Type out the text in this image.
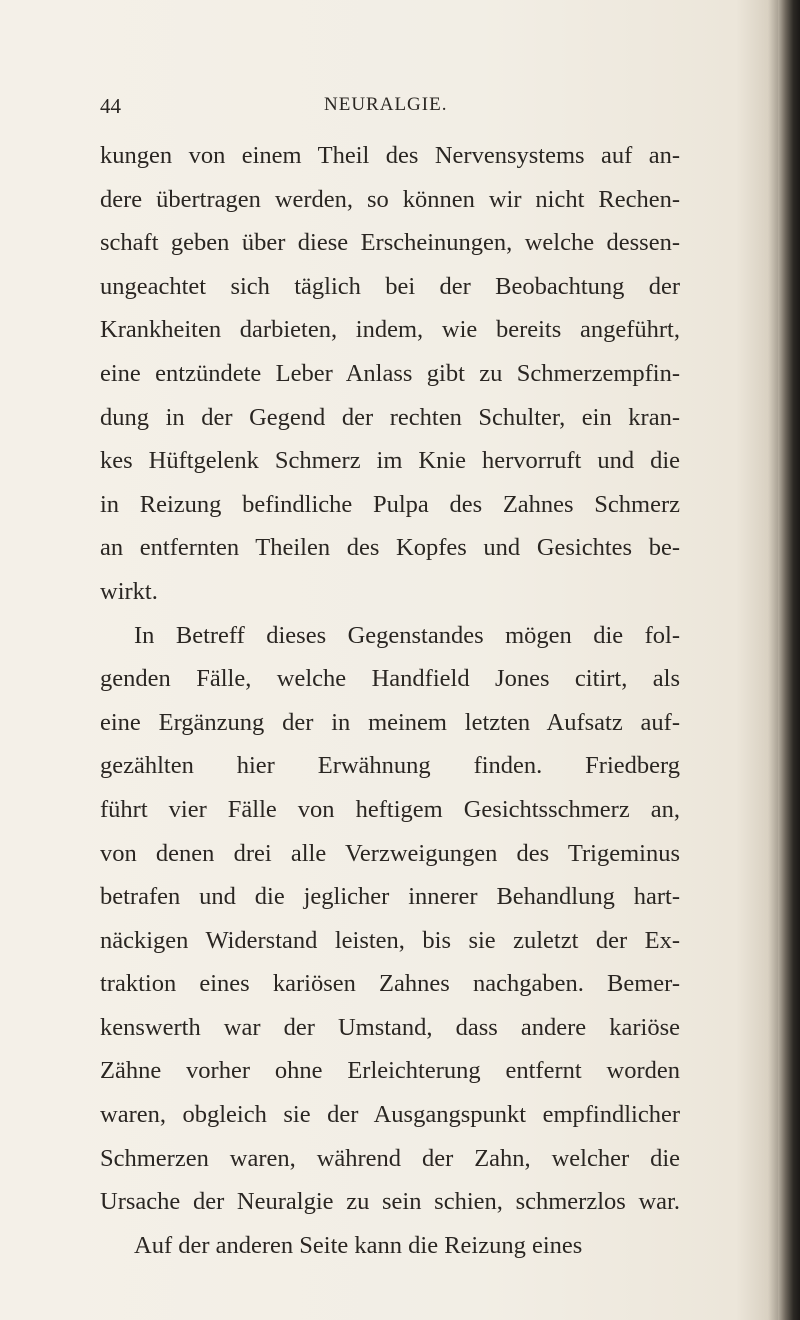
44	NEURALGIE.
kungen von einem Theil des Nervensystems auf an-
dere übertragen werden, so können wir nicht Rechen-
schaft geben über diese Erscheinungen, welche dessen-
ungeachtet sich täglich bei der Beobachtung der
Krankheiten darbieten, indem, wie bereits angeführt,
eine entzündete Leber Anlass gibt zu Schmerzempfin-
dung in der Gegend der rechten Schulter, ein kran-
kes Hüftgelenk Schmerz im Knie hervorruft und die
in Reizung befindliche Pulpa des Zahnes Schmerz
an entfernten Theilen des Kopfes und Gesichtes be-
wirkt.
In Betreff dieses Gegenstandes mögen die fol-
genden Fälle, welche Handfield Jones citirt, als
eine Ergänzung der in meinem letzten Aufsatz auf-
gezählten hier Erwähnung finden. Friedberg
führt vier Fälle von heftigem Gesichtsschmerz an,
von denen drei alle Verzweigungen des Trigeminus
betrafen und die jeglicher innerer Behandlung hart-
näckigen Widerstand leisten, bis sie zuletzt der Ex-
traktion eines kariösen Zahnes nachgaben. Bemer-
kenswerth war der Umstand, dass andere kariöse
Zähne vorher ohne Erleichterung entfernt worden
waren, obgleich sie der Ausgangspunkt empfindlicher
Schmerzen waren, während der Zahn, welcher die
Ursache der Neuralgie zu sein schien, schmerzlos war.
Auf der anderen Seite kann die Reizung eines
